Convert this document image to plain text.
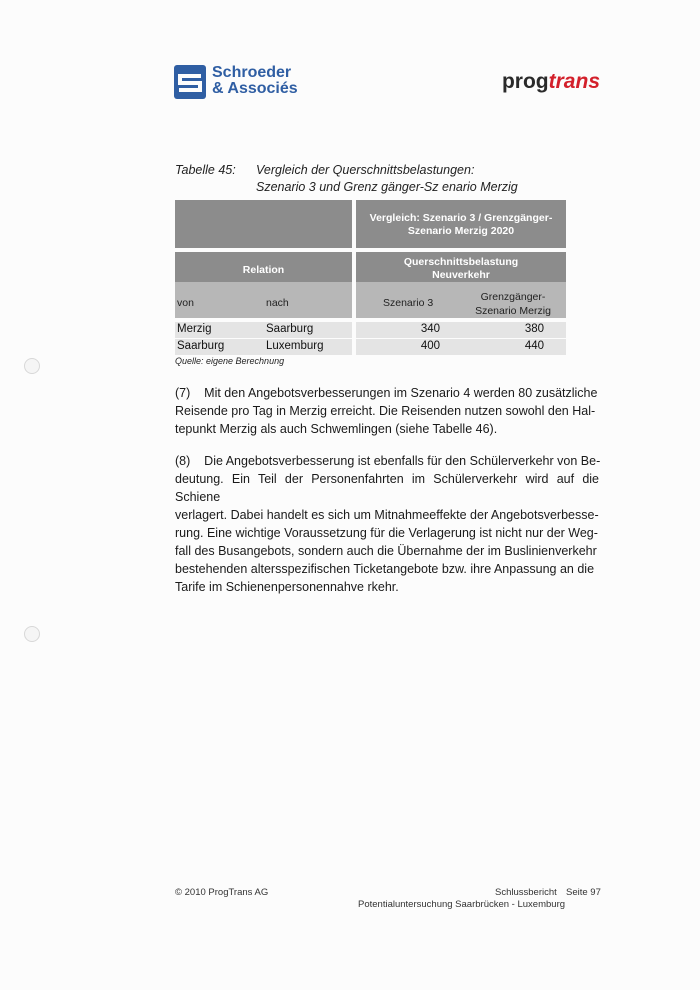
Schroeder
& Associés	progtrans
Tabelle 45:	Vergleich der Querschnittsbelastungen:
Szenario 3 und Grenz gänger-Sz enario Merzig
Vergleich: Szenario 3 / Grenzgänger-
Szenario Merzig 2020
Relation
Querschnittsbelastung
Neuverkehr
von	nach	Szenario 3	Grenzgänger-
Szenario Merzig
Merzig	Saarburg	340	380
Saarburg	Luxemburg	400	440
Quelle: eigene Berechnung
(7)    Mit den Angebotsverbesserungen im Szenario 4 werden 80 zusätzliche
Reisende pro Tag in Merzig erreicht. Die Reisenden nutzen sowohl den Hal-
tepunkt Merzig als auch Schwemlingen (siehe Tabelle 46).
(8)    Die Angebotsverbesserung ist ebenfalls für den Schülerverkehr von Be-
deutung. Ein Teil der Personenfahrten im Schülerverkehr wird auf die Schiene
verlagert. Dabei handelt es sich um Mitnahmeeffekte der Angebotsverbesse-
rung. Eine wichtige Voraussetzung für die Verlagerung ist nicht nur der Weg-
fall des Busangebots, sondern auch die Übernahme der im Buslinienverkehr
bestehenden altersspezifischen Ticketangebote bzw. ihre Anpassung an die
Tarife im Schienenpersonennahve rkehr.
© 2010 ProgTrans AG	Schlussbericht Seite 97
Potentialuntersuchung Saarbrücken - Luxemburg
